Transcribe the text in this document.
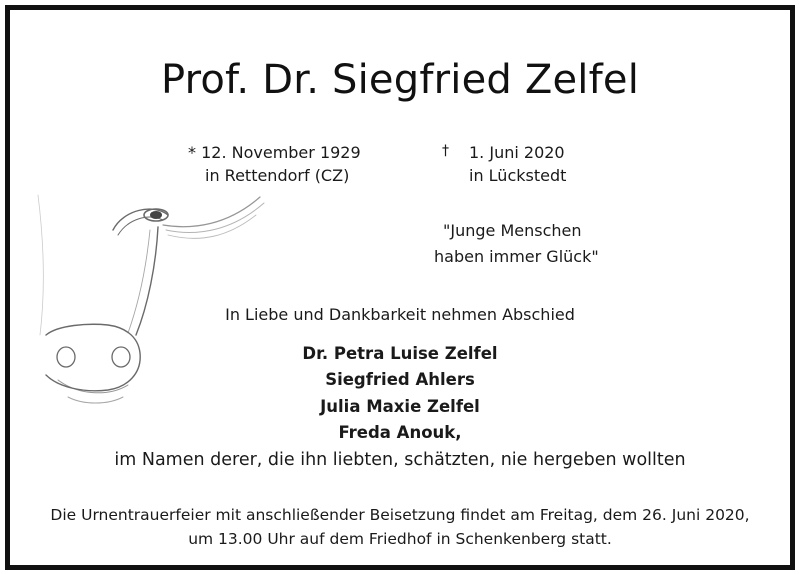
Prof. Dr. Siegfried Zelfel
* 12. November 1929
in Rettendorf (CZ)
† 1. Juni 2020
in Lückstedt
"Junge Menschen
haben immer Glück"
In Liebe und Dankbarkeit nehmen Abschied
Dr. Petra Luise Zelfel
Siegfried Ahlers
Julia Maxie Zelfel
Freda Anouk,
im Namen derer, die ihn liebten, schätzten, nie hergeben wollten
Die Urnentrauerfeier mit anschließender Beisetzung findet am Freitag, dem 26. Juni 2020,
um 13.00 Uhr auf dem Friedhof in Schenkenberg statt.
